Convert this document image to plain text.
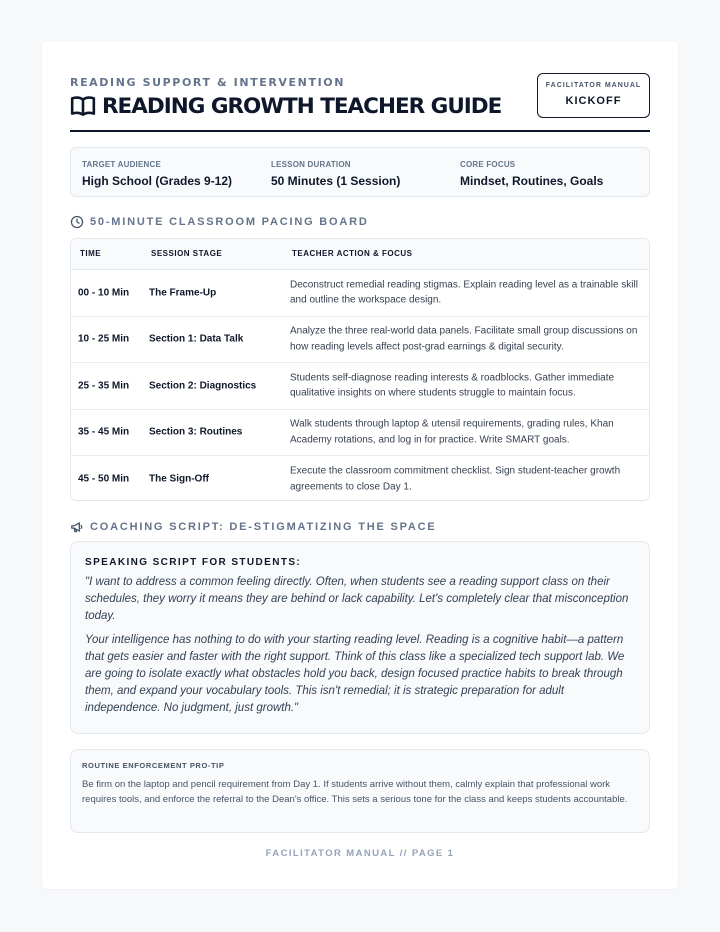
READING SUPPORT & INTERVENTION
READING GROWTH TEACHER GUIDE
FACILITATOR MANUAL
KICKOFF
TARGET AUDIENCE
High School (Grades 9-12)
LESSON DURATION
50 Minutes (1 Session)
CORE FOCUS
Mindset, Routines, Goals
50-MINUTE CLASSROOM PACING BOARD
TIME	SESSION STAGE	TEACHER ACTION & FOCUS
00 - 10 Min The Frame-Up
Deconstruct remedial reading stigmas. Explain reading level as a trainable skill and outline the workspace design.
10 - 25 Min Section 1: Data Talk
Analyze the three real-world data panels. Facilitate small group discussions on how reading levels affect post-grad earnings & digital security.
25 - 35 Min Section 2: Diagnostics
Students self-diagnose reading interests & roadblocks. Gather immediate qualitative insights on where students struggle to maintain focus.
35 - 45 Min Section 3: Routines
Walk students through laptop & utensil requirements, grading rules, Khan Academy rotations, and log in for practice. Write SMART goals.
45 - 50 Min The Sign-Off
Execute the classroom commitment checklist. Sign student-teacher growth agreements to close Day 1.
COACHING SCRIPT: DE-STIGMATIZING THE SPACE
SPEAKING SCRIPT FOR STUDENTS:

"I want to address a common feeling directly. Often, when students see a reading support class on their schedules, they worry it means they are behind or lack capability. Let's completely clear that misconception today.

Your intelligence has nothing to do with your starting reading level. Reading is a cognitive habit—a pattern that gets easier and faster with the right support. Think of this class like a specialized tech support lab. We are going to isolate exactly what obstacles hold you back, design focused practice habits to break through them, and expand your vocabulary tools. This isn't remedial; it is strategic preparation for adult independence. No judgment, just growth."

ROUTINE ENFORCEMENT PRO-TIP
Be firm on the laptop and pencil requirement from Day 1. If students arrive without them, calmly explain that professional work requires tools, and enforce the referral to the Dean's office. This sets a serious tone for the class and keeps students accountable.
FACILITATOR MANUAL // PAGE 1
